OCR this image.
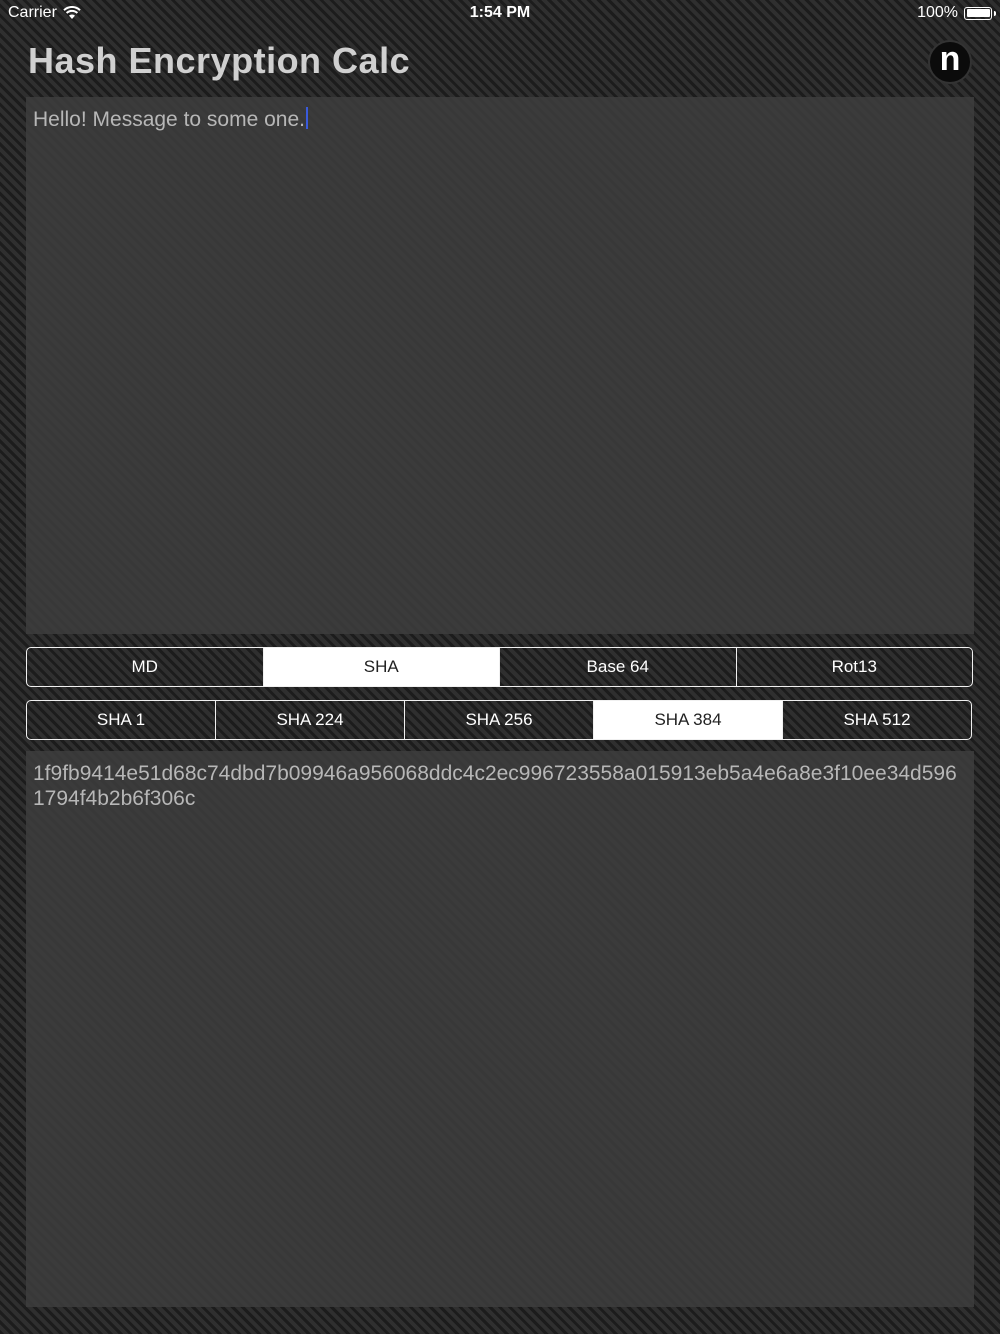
Carrier	1:54 PM	100%
Hash Encryption Calc	n
Hello! Message to some one.
MD	SHA	Base 64	Rot13
SHA 1	SHA 224	SHA 256	SHA 384	SHA 512
1f9fb9414e51d68c74dbd7b09946a956068ddc4c2ec996723558a015913eb5a4e6a8e3f10ee34d5961794f4b2b6f306c
